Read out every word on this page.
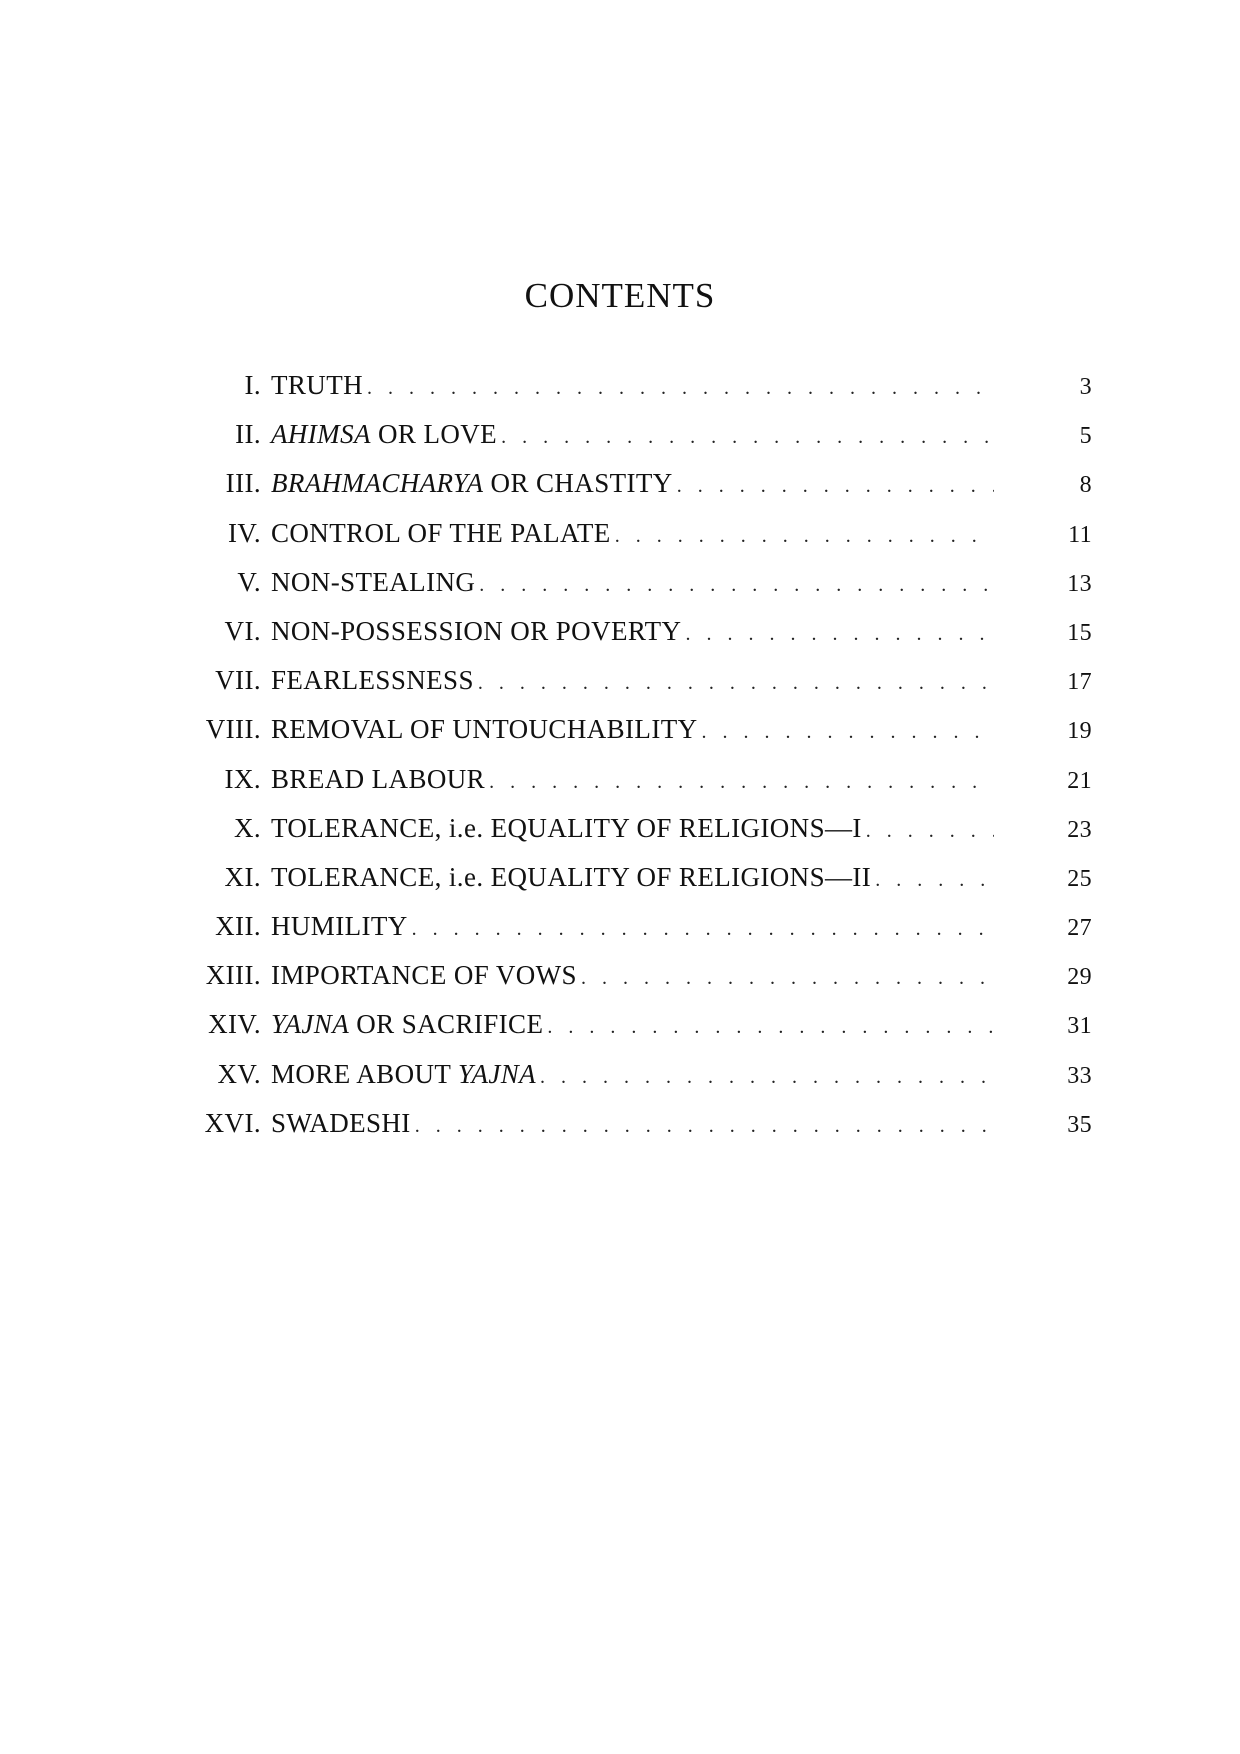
CONTENTS
I. TRUTH . . .	3
II. AHIMSA OR LOVE . . .	5
III. BRAHMACHARYA OR CHASTITY . . .	8
IV. CONTROL OF THE PALATE . . .	11
V. NON-STEALING . . .	13
VI. NON-POSSESSION OR POVERTY . . .	15
VII. FEARLESSNESS . . .	17
VIII. REMOVAL OF UNTOUCHABILITY . . .	19
IX. BREAD LABOUR . . .	21
X. TOLERANCE, i.e. EQUALITY OF RELIGIONS—I . . .	23
XI. TOLERANCE, i.e. EQUALITY OF RELIGIONS—II . . .	25
XII. HUMILITY . . .	27
XIII. IMPORTANCE OF VOWS . . .	29
XIV. YAJNA OR SACRIFICE . . .	31
XV. MORE ABOUT YAJNA . . .	33
XVI. SWADESHI . . .	35
